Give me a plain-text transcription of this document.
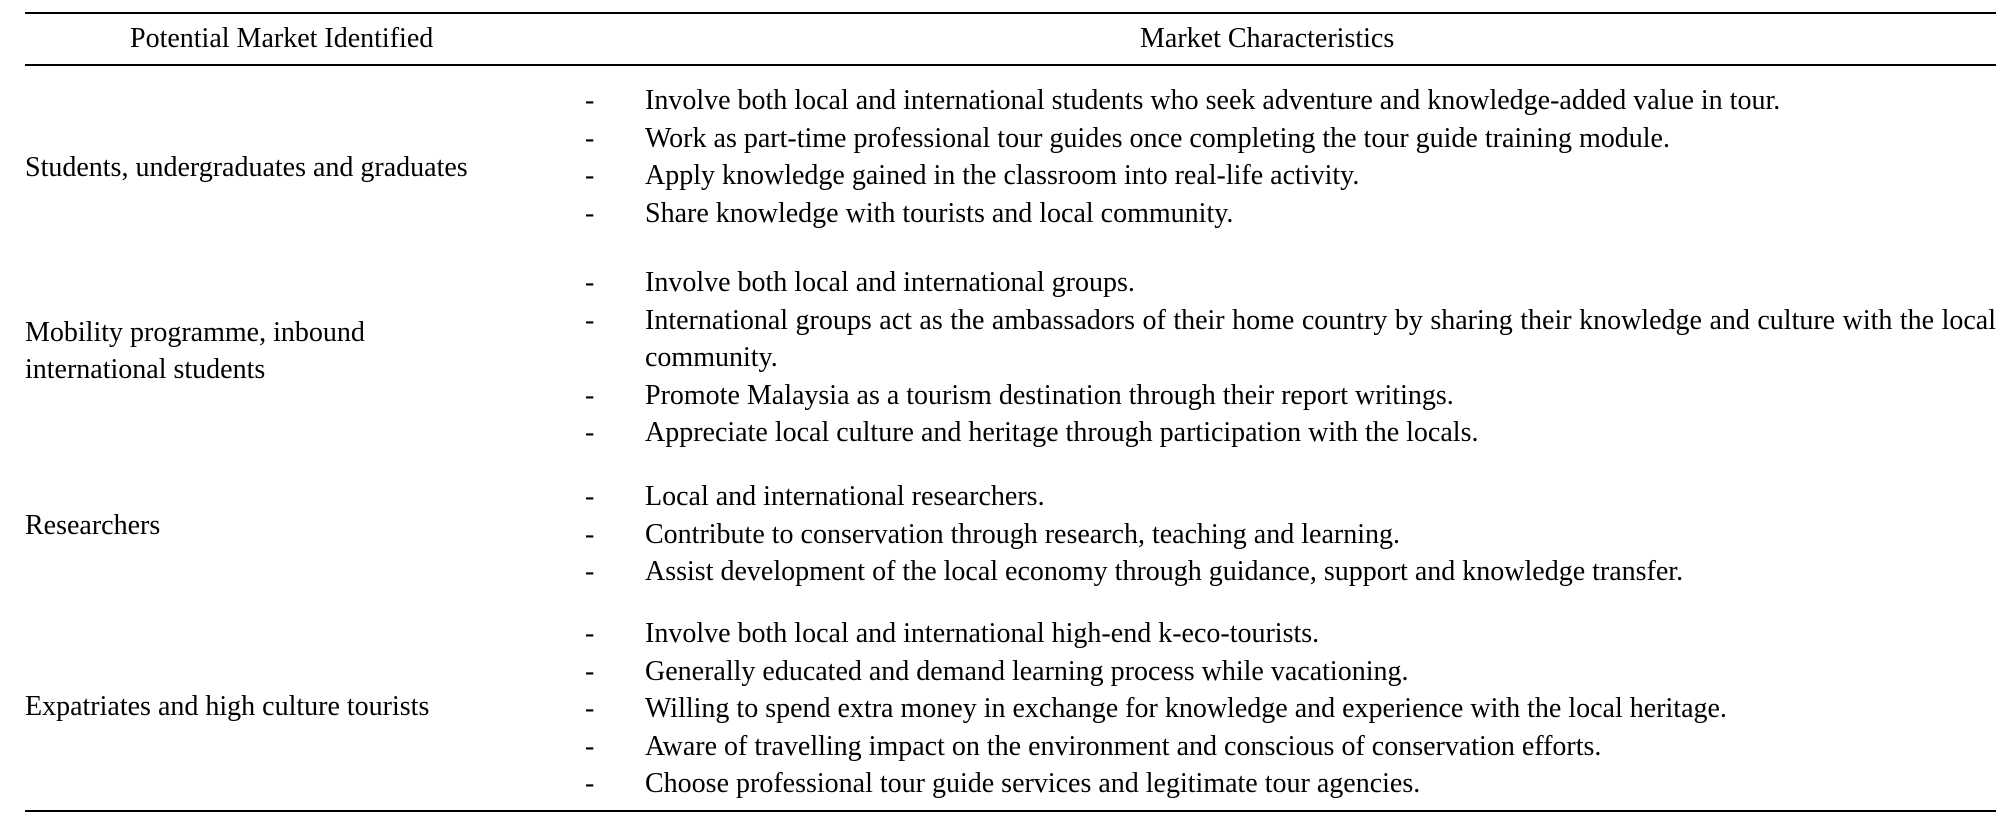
Potential Market Identified	Market Characteristics
Students, undergraduates and graduates
-	Involve both local and international students who seek adventure and knowledge-added value in tour.
-	Work as part-time professional tour guides once completing the tour guide training module.
-	Apply knowledge gained in the classroom into real-life activity.
-	Share knowledge with tourists and local community.
Mobility programme, inbound international students
-	Involve both local and international groups.
-	International groups act as the ambassadors of their home country by sharing their knowledge and culture with the local community.
-	Promote Malaysia as a tourism destination through their report writings.
-	Appreciate local culture and heritage through participation with the locals.
Researchers
-	Local and international researchers.
-	Contribute to conservation through research, teaching and learning.
-	Assist development of the local economy through guidance, support and knowledge transfer.
Expatriates and high culture tourists
-	Involve both local and international high-end k-eco-tourists.
-	Generally educated and demand learning process while vacationing.
-	Willing to spend extra money in exchange for knowledge and experience with the local heritage.
-	Aware of travelling impact on the environment and conscious of conservation efforts.
-	Choose professional tour guide services and legitimate tour agencies.
